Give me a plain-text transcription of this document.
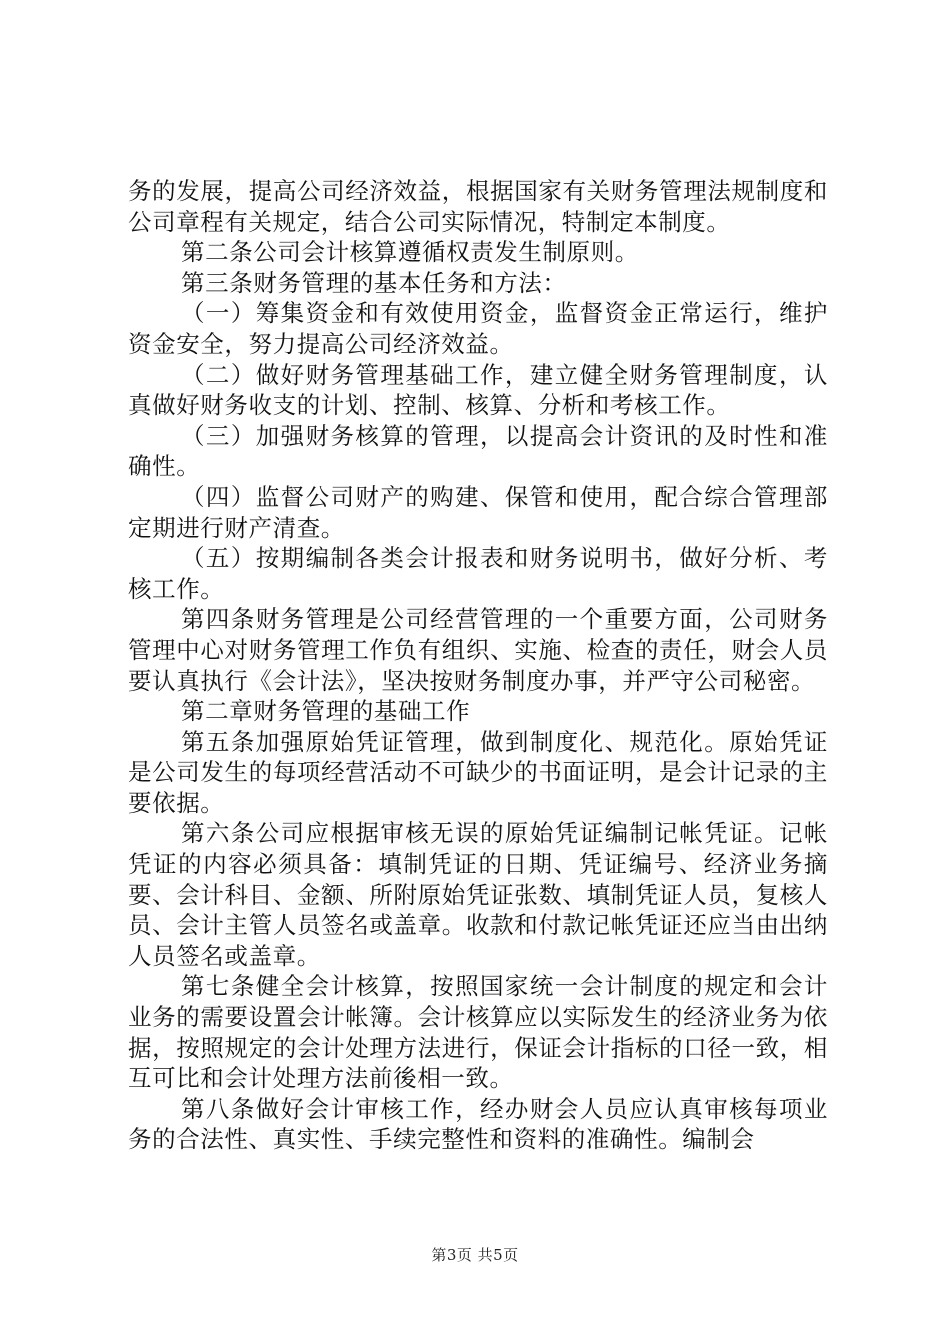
务的发展，提高公司经济效益，根据国家有关财务管理法规制度和公司章程有关规定，结合公司实际情况，特制定本制度。

第二条公司会计核算遵循权责发生制原则。

第三条财务管理的基本任务和方法：

（一）筹集资金和有效使用资金，监督资金正常运行，维护资金安全，努力提高公司经济效益。

（二）做好财务管理基础工作，建立健全财务管理制度，认真做好财务收支的计划、控制、核算、分析和考核工作。

（三）加强财务核算的管理，以提高会计资讯的及时性和准确性。

（四）监督公司财产的购建、保管和使用，配合综合管理部定期进行财产清查。

（五）按期编制各类会计报表和财务说明书，做好分析、考核工作。

第四条财务管理是公司经营管理的一个重要方面，公司财务管理中心对财务管理工作负有组织、实施、检查的责任，财会人员要认真执行《会计法》，坚决按财务制度办事，并严守公司秘密。

第二章财务管理的基础工作

第五条加强原始凭证管理，做到制度化、规范化。原始凭证是公司发生的每项经营活动不可缺少的书面证明，是会计记录的主要依据。

第六条公司应根据审核无误的原始凭证编制记帐凭证。记帐凭证的内容必须具备：填制凭证的日期、凭证编号、经济业务摘要、会计科目、金额、所附原始凭证张数、填制凭证人员，复核人员、会计主管人员签名或盖章。收款和付款记帐凭证还应当由出纳人员签名或盖章。

第七条健全会计核算，按照国家统一会计制度的规定和会计业务的需要设置会计帐簿。会计核算应以实际发生的经济业务为依据，按照规定的会计处理方法进行，保证会计指标的口径一致，相互可比和会计处理方法前後相一致。

第八条做好会计审核工作，经办财会人员应认真审核每项业务的合法性、真实性、手续完整性和资料的准确性。编制会

第3页 共5页
